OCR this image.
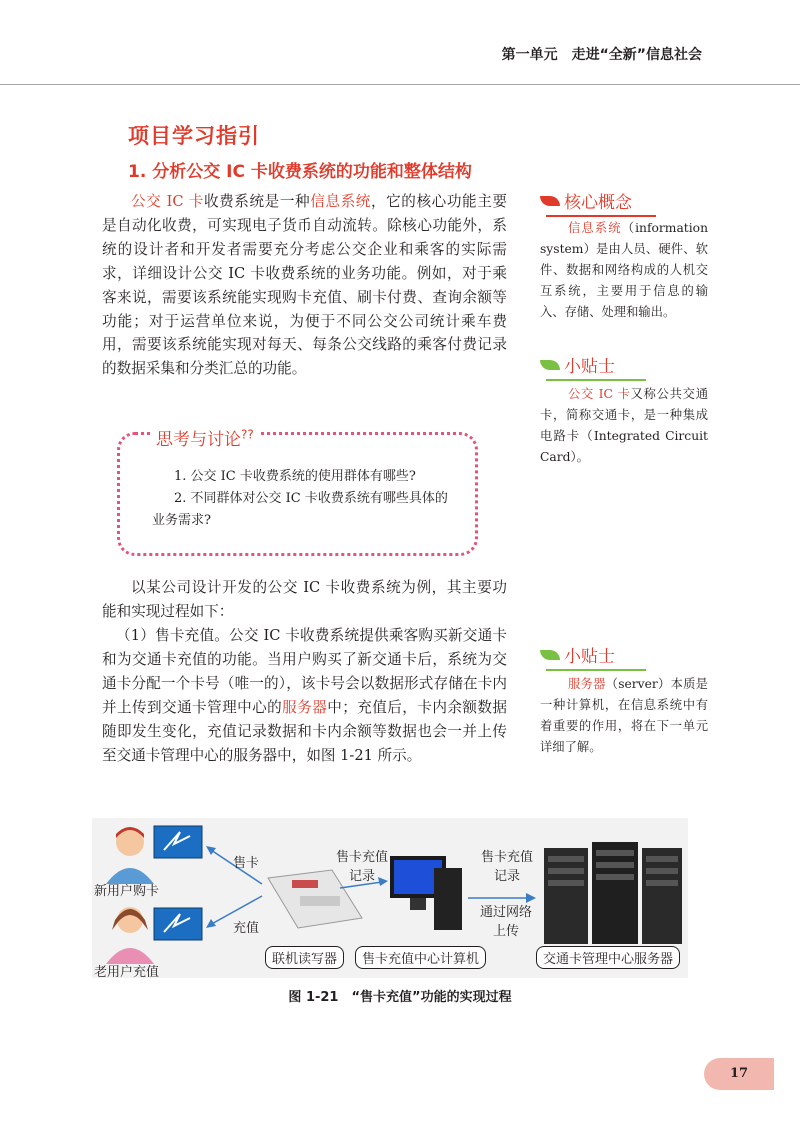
第一单元　走进“全新”信息社会
项目学习指引
1. 分析公交 IC 卡收费系统的功能和整体结构
公交 IC 卡收费系统是一种信息系统，它的核心功能主要是自动化收费，可实现电子货币自动流转。除核心功能外，系统的设计者和开发者需要充分考虑公交企业和乘客的实际需求，详细设计公交 IC 卡收费系统的业务功能。例如，对于乘客来说，需要该系统能实现购卡充值、刷卡付费、查询余额等功能；对于运营单位来说，为便于不同公交公司统计乘车费用，需要该系统能实现对每天、每条公交线路的乘客付费记录的数据采集和分类汇总的功能。
思考与讨论??
1. 公交 IC 卡收费系统的使用群体有哪些?
2. 不同群体对公交 IC 卡收费系统有哪些具体的业务需求?
以某公司设计开发的公交 IC 卡收费系统为例，其主要功能和实现过程如下：
（1）售卡充值。公交 IC 卡收费系统提供乘客购买新交通卡和为交通卡充值的功能。当用户购买了新交通卡后，系统为交通卡分配一个卡号（唯一的），该卡号会以数据形式存储在卡内并上传到交通卡管理中心的服务器中；充值后，卡内余额数据随即发生变化，充值记录数据和卡内余额等数据也会一并上传至交通卡管理中心的服务器中，如图 1-21 所示。
核心概念
信息系统（information system）是由人员、硬件、软件、数据和网络构成的人机交互系统，主要用于信息的输入、存储、处理和输出。
小贴士
公交 IC 卡又称公共交通卡，简称交通卡，是一种集成电路卡（Integrated Circuit Card）。
小贴士
服务器（server）本质是一种计算机，在信息系统中有着重要的作用，将在下一单元详细了解。
新用户购卡
老用户充值
售卡
充值
售卡充值
记录
售卡充值
记录
通过网络
上传
联机读写器	售卡充值中心计算机	交通卡管理中心服务器
图 1-21　“售卡充值”功能的实现过程
17
